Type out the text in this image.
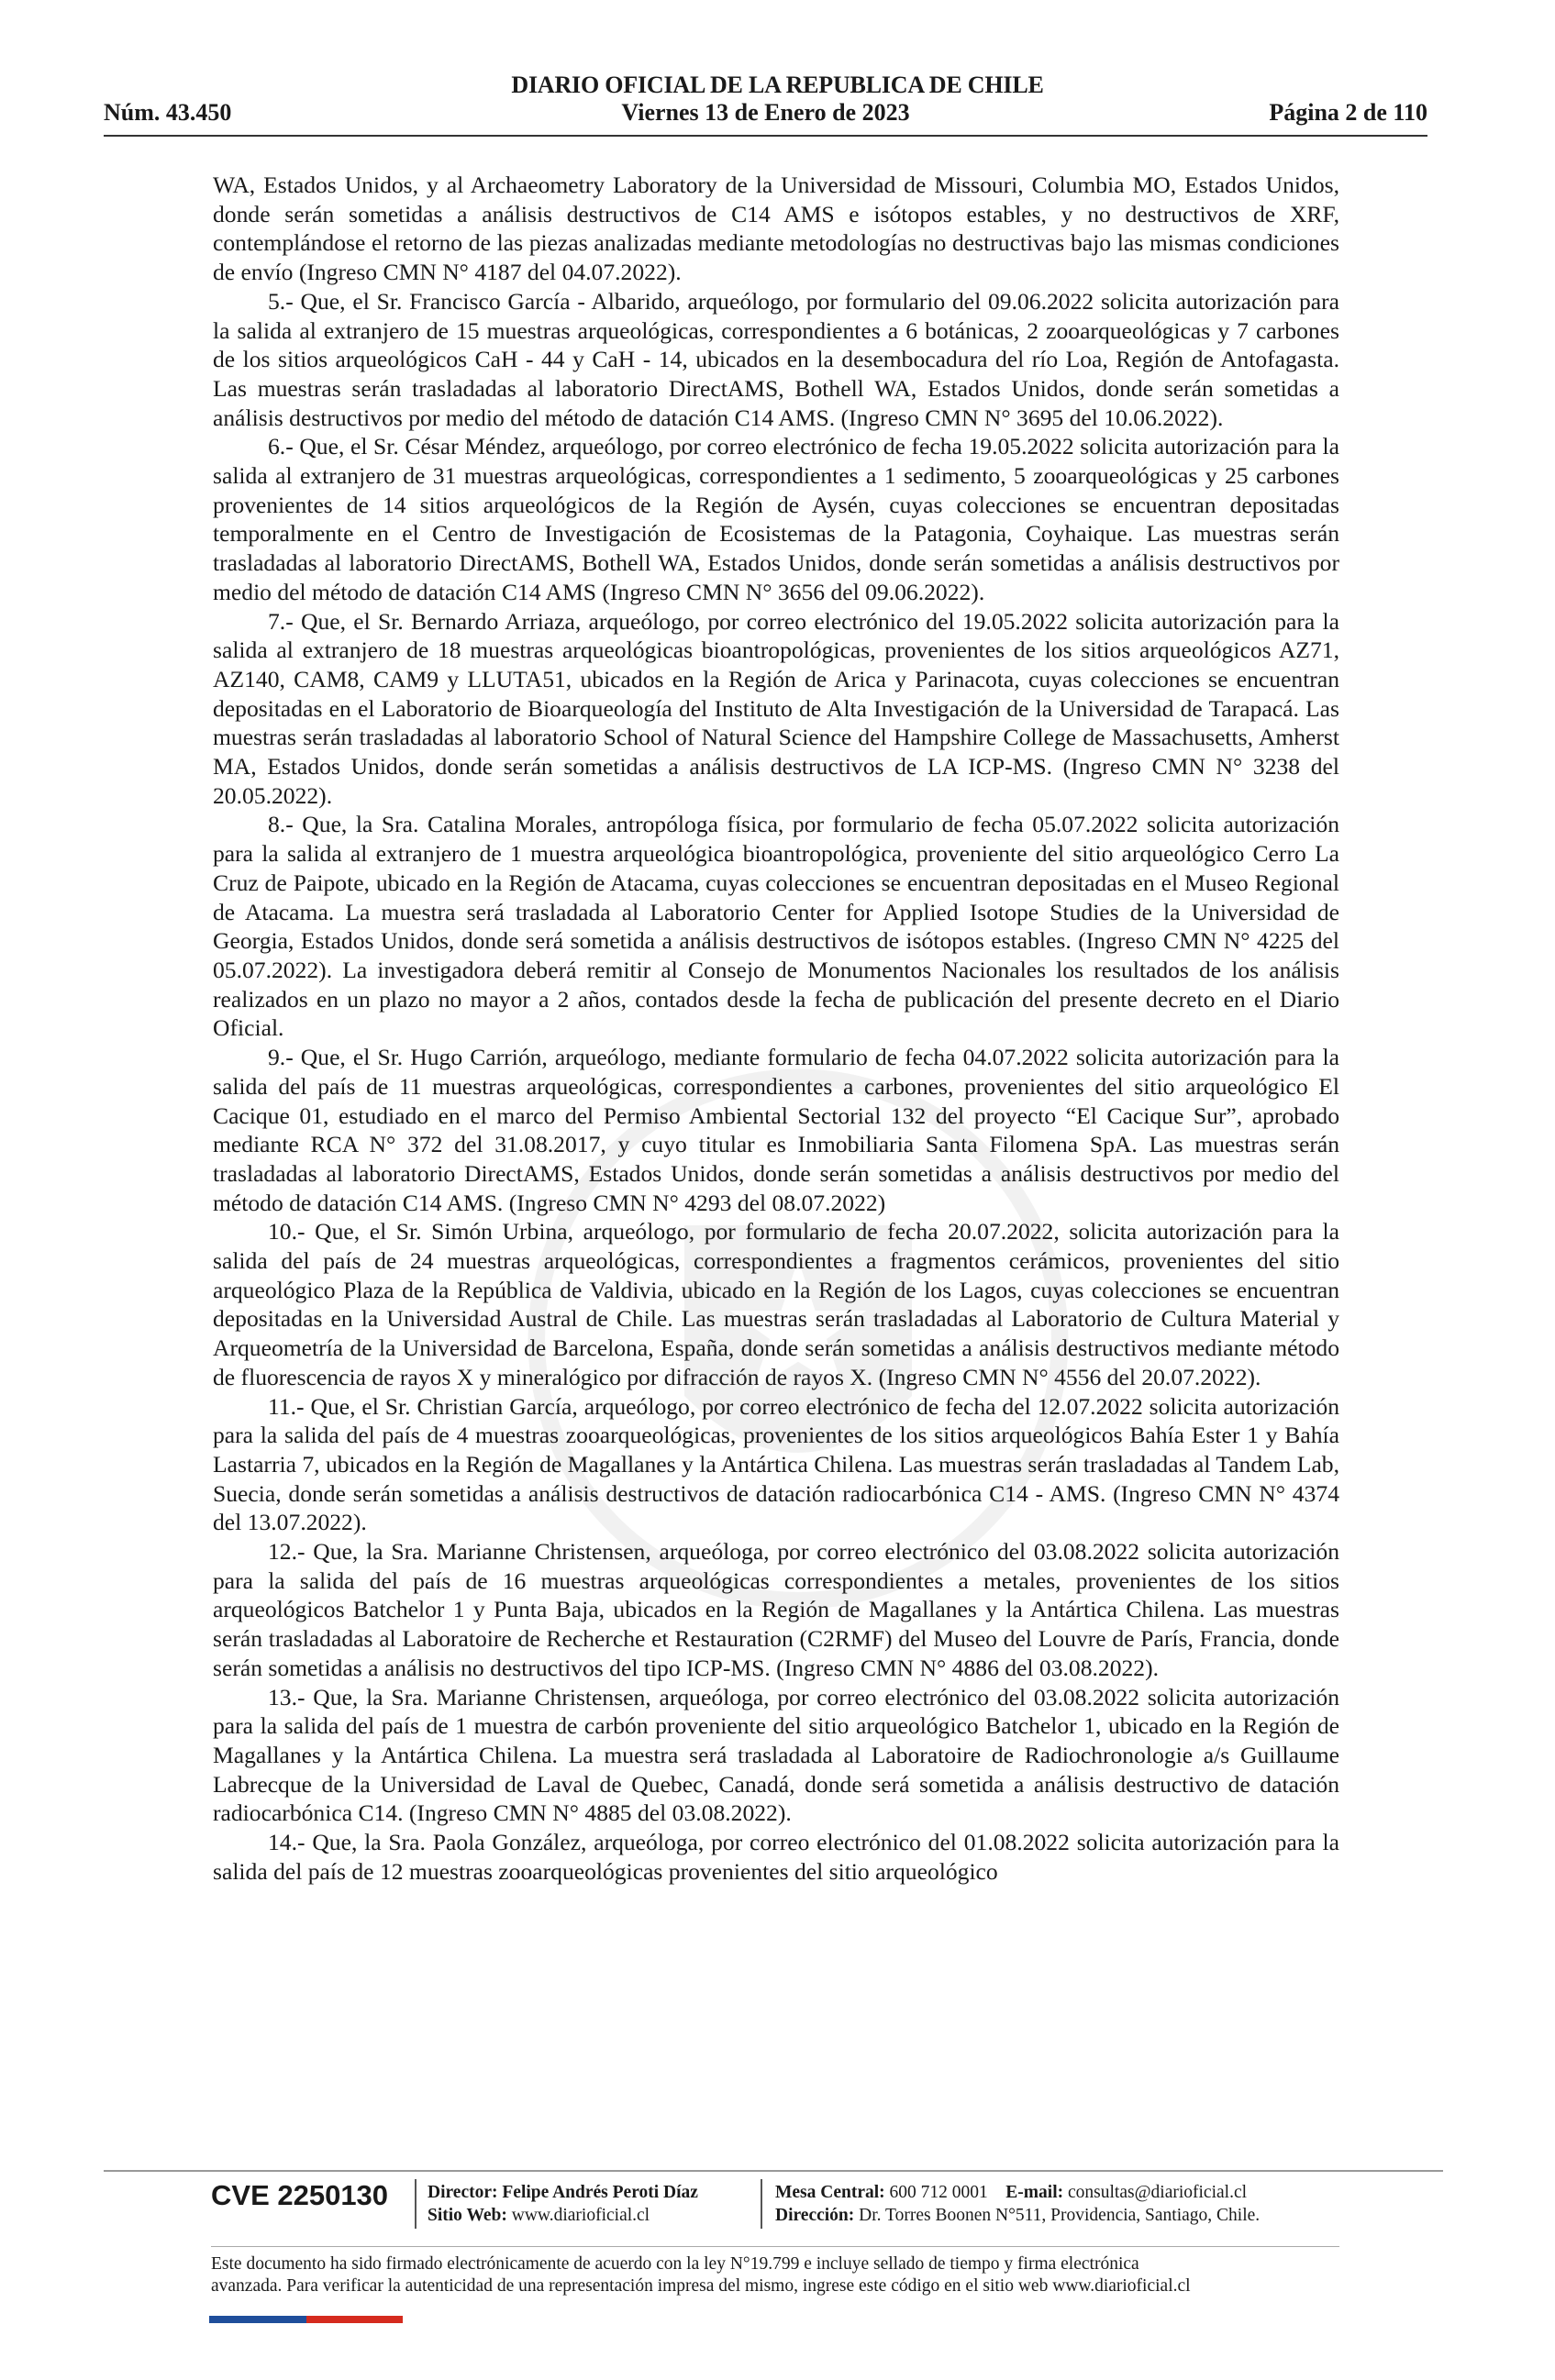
DIARIO OFICIAL DE LA REPUBLICA DE CHILE
Núm. 43.450	Viernes 13 de Enero de 2023	Página 2 de 110

WA, Estados Unidos, y al Archaeometry Laboratory de la Universidad de Missouri, Columbia MO, Estados Unidos, donde serán sometidas a análisis destructivos de C14 AMS e isótopos estables, y no destructivos de XRF, contemplándose el retorno de las piezas analizadas mediante metodologías no destructivas bajo las mismas condiciones de envío (Ingreso CMN N° 4187 del 04.07.2022).

5.- Que, el Sr. Francisco García - Albarido, arqueólogo, por formulario del 09.06.2022 solicita autorización para la salida al extranjero de 15 muestras arqueológicas, correspondientes a 6 botánicas, 2 zooarqueológicas y 7 carbones de los sitios arqueológicos CaH - 44 y CaH - 14, ubicados en la desembocadura del río Loa, Región de Antofagasta. Las muestras serán trasladadas al laboratorio DirectAMS, Bothell WA, Estados Unidos, donde serán sometidas a análisis destructivos por medio del método de datación C14 AMS. (Ingreso CMN N° 3695 del 10.06.2022).

6.- Que, el Sr. César Méndez, arqueólogo, por correo electrónico de fecha 19.05.2022 solicita autorización para la salida al extranjero de 31 muestras arqueológicas, correspondientes a 1 sedimento, 5 zooarqueológicas y 25 carbones provenientes de 14 sitios arqueológicos de la Región de Aysén, cuyas colecciones se encuentran depositadas temporalmente en el Centro de Investigación de Ecosistemas de la Patagonia, Coyhaique. Las muestras serán trasladadas al laboratorio DirectAMS, Bothell WA, Estados Unidos, donde serán sometidas a análisis destructivos por medio del método de datación C14 AMS (Ingreso CMN N° 3656 del 09.06.2022).

7.- Que, el Sr. Bernardo Arriaza, arqueólogo, por correo electrónico del 19.05.2022 solicita autorización para la salida al extranjero de 18 muestras arqueológicas bioantropológicas, provenientes de los sitios arqueológicos AZ71, AZ140, CAM8, CAM9 y LLUTA51, ubicados en la Región de Arica y Parinacota, cuyas colecciones se encuentran depositadas en el Laboratorio de Bioarqueología del Instituto de Alta Investigación de la Universidad de Tarapacá. Las muestras serán trasladadas al laboratorio School of Natural Science del Hampshire College de Massachusetts, Amherst MA, Estados Unidos, donde serán sometidas a análisis destructivos de LA ICP-MS. (Ingreso CMN N° 3238 del 20.05.2022).

8.- Que, la Sra. Catalina Morales, antropóloga física, por formulario de fecha 05.07.2022 solicita autorización para la salida al extranjero de 1 muestra arqueológica bioantropológica, proveniente del sitio arqueológico Cerro La Cruz de Paipote, ubicado en la Región de Atacama, cuyas colecciones se encuentran depositadas en el Museo Regional de Atacama. La muestra será trasladada al Laboratorio Center for Applied Isotope Studies de la Universidad de Georgia, Estados Unidos, donde será sometida a análisis destructivos de isótopos estables. (Ingreso CMN N° 4225 del 05.07.2022). La investigadora deberá remitir al Consejo de Monumentos Nacionales los resultados de los análisis realizados en un plazo no mayor a 2 años, contados desde la fecha de publicación del presente decreto en el Diario Oficial.

9.- Que, el Sr. Hugo Carrión, arqueólogo, mediante formulario de fecha 04.07.2022 solicita autorización para la salida del país de 11 muestras arqueológicas, correspondientes a carbones, provenientes del sitio arqueológico El Cacique 01, estudiado en el marco del Permiso Ambiental Sectorial 132 del proyecto “El Cacique Sur”, aprobado mediante RCA N° 372 del 31.08.2017, y cuyo titular es Inmobiliaria Santa Filomena SpA. Las muestras serán trasladadas al laboratorio DirectAMS, Estados Unidos, donde serán sometidas a análisis destructivos por medio del método de datación C14 AMS. (Ingreso CMN N° 4293 del 08.07.2022)

10.- Que, el Sr. Simón Urbina, arqueólogo, por formulario de fecha 20.07.2022, solicita autorización para la salida del país de 24 muestras arqueológicas, correspondientes a fragmentos cerámicos, provenientes del sitio arqueológico Plaza de la República de Valdivia, ubicado en la Región de los Lagos, cuyas colecciones se encuentran depositadas en la Universidad Austral de Chile. Las muestras serán trasladadas al Laboratorio de Cultura Material y Arqueometría de la Universidad de Barcelona, España, donde serán sometidas a análisis destructivos mediante método de fluorescencia de rayos X y mineralógico por difracción de rayos X. (Ingreso CMN N° 4556 del 20.07.2022).

11.- Que, el Sr. Christian García, arqueólogo, por correo electrónico de fecha del 12.07.2022 solicita autorización para la salida del país de 4 muestras zooarqueológicas, provenientes de los sitios arqueológicos Bahía Ester 1 y Bahía Lastarria 7, ubicados en la Región de Magallanes y la Antártica Chilena. Las muestras serán trasladadas al Tandem Lab, Suecia, donde serán sometidas a análisis destructivos de datación radiocarbónica C14 - AMS. (Ingreso CMN N° 4374 del 13.07.2022).

12.- Que, la Sra. Marianne Christensen, arqueóloga, por correo electrónico del 03.08.2022 solicita autorización para la salida del país de 16 muestras arqueológicas correspondientes a metales, provenientes de los sitios arqueológicos Batchelor 1 y Punta Baja, ubicados en la Región de Magallanes y la Antártica Chilena. Las muestras serán trasladadas al Laboratoire de Recherche et Restauration (C2RMF) del Museo del Louvre de París, Francia, donde serán sometidas a análisis no destructivos del tipo ICP-MS. (Ingreso CMN N° 4886 del 03.08.2022).

13.- Que, la Sra. Marianne Christensen, arqueóloga, por correo electrónico del 03.08.2022 solicita autorización para la salida del país de 1 muestra de carbón proveniente del sitio arqueológico Batchelor 1, ubicado en la Región de Magallanes y la Antártica Chilena. La muestra será trasladada al Laboratoire de Radiochronologie a/s Guillaume Labrecque de la Universidad de Laval de Quebec, Canadá, donde será sometida a análisis destructivo de datación radiocarbónica C14. (Ingreso CMN N° 4885 del 03.08.2022).

14.- Que, la Sra. Paola González, arqueóloga, por correo electrónico del 01.08.2022 solicita autorización para la salida del país de 12 muestras zooarqueológicas provenientes del sitio arqueológico

CVE 2250130 Director: Felipe Andrés Peroti Díaz
Sitio Web: www.diarioficial.cl
Mesa Central: 600 712 0001 E-mail: consultas@diarioficial.cl
Dirección: Dr. Torres Boonen N°511, Providencia, Santiago, Chile.
Este documento ha sido firmado electrónicamente de acuerdo con la ley N°19.799 e incluye sellado de tiempo y firma electrónica
avanzada. Para verificar la autenticidad de una representación impresa del mismo, ingrese este código en el sitio web www.diarioficial.cl
